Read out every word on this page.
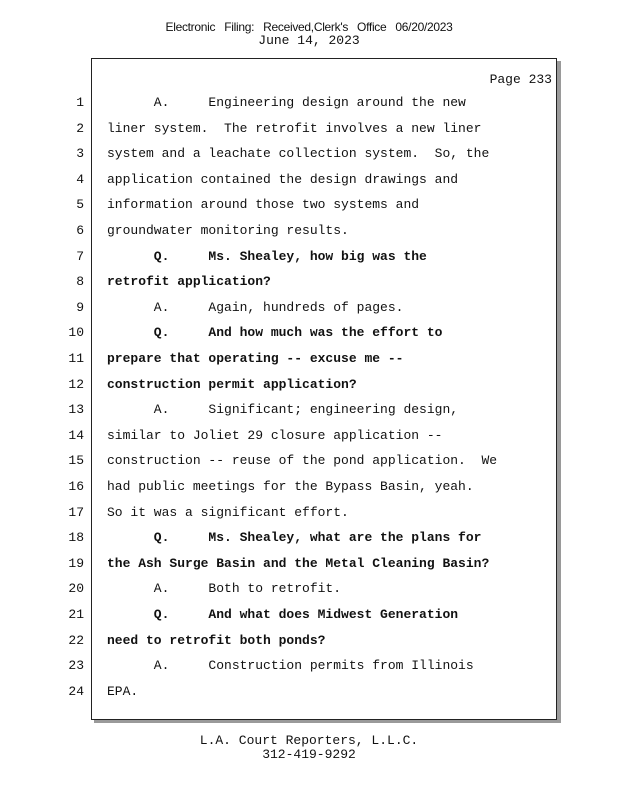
Electronic Filing: Received,Clerk's Office 06/20/2023
June 14, 2023
Page 233
1 A.     Engineering design around the new
2 liner system.  The retrofit involves a new liner
3 system and a leachate collection system.  So, the
4 application contained the design drawings and
5 information around those two systems and
6 groundwater monitoring results.
7 Q.     Ms. Shealey, how big was the
8 retrofit application?
9 A.     Again, hundreds of pages.
10 Q.     And how much was the effort to
11 prepare that operating -- excuse me --
12 construction permit application?
13 A.     Significant; engineering design,
14 similar to Joliet 29 closure application --
15 construction -- reuse of the pond application.  We
16 had public meetings for the Bypass Basin, yeah.
17 So it was a significant effort.
18 Q.     Ms. Shealey, what are the plans for
19 the Ash Surge Basin and the Metal Cleaning Basin?
20 A.     Both to retrofit.
21 Q.     And what does Midwest Generation
22 need to retrofit both ponds?
23 A.     Construction permits from Illinois
24 EPA.
L.A. Court Reporters, L.L.C.
312-419-9292
